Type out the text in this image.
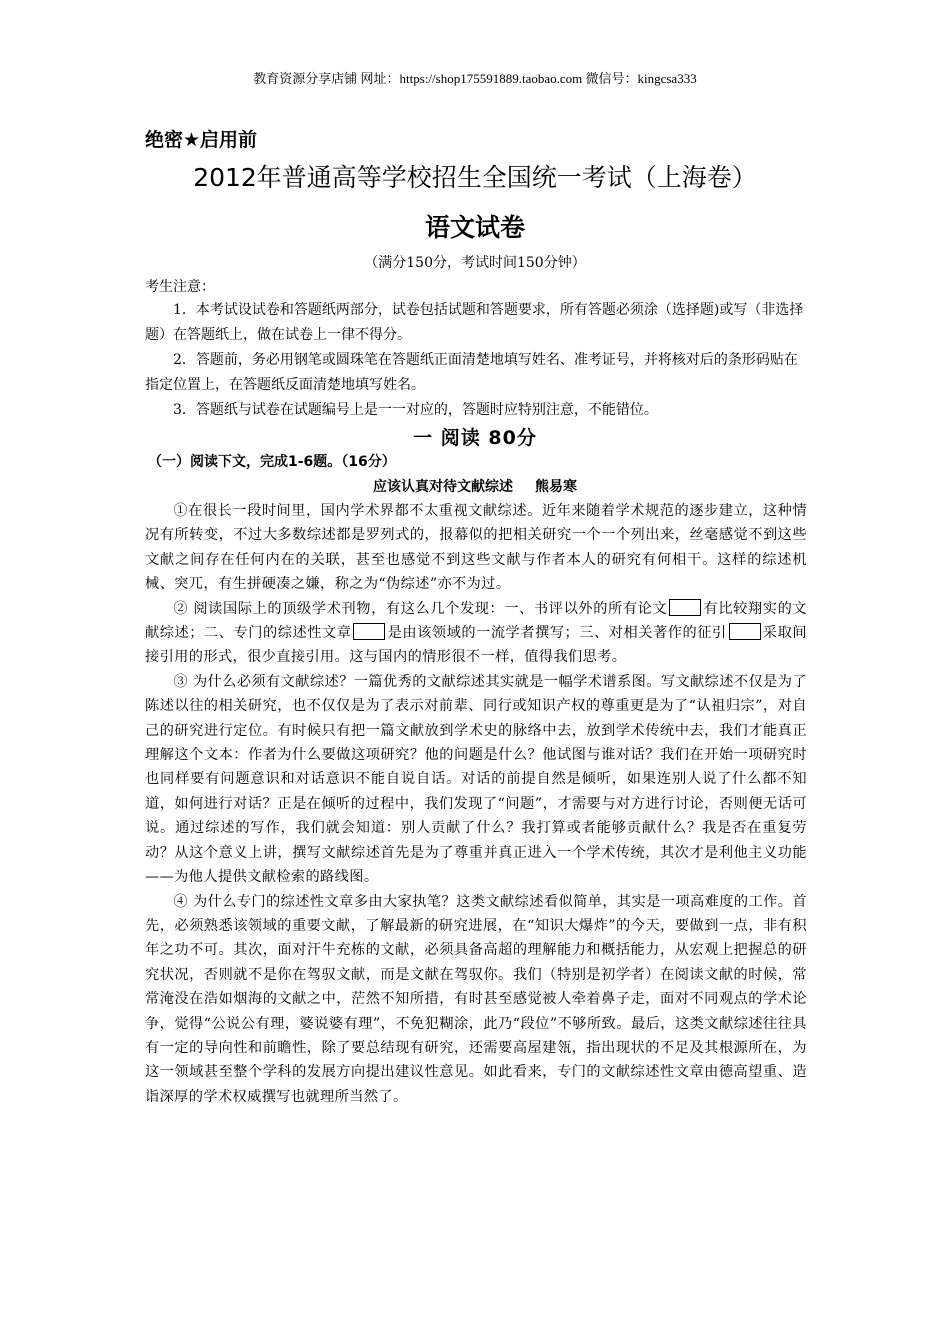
教育资源分享店铺 网址：https://shop175591889.taobao.com 微信号：kingcsa333
绝密★启用前
2012年普通高等学校招生全国统一考试（上海卷）
语文试卷
（满分150分，考试时间150分钟）
考生注意：

1．本考试设试卷和答题纸两部分，试卷包括试题和答题要求，所有答题必须涂（选择题)或写（非选择题）在答题纸上，做在试卷上一律不得分。

2．答题前，务必用钢笔或圆珠笔在答题纸正面清楚地填写姓名、准考证号，并将核对后的条形码贴在指定位置上，在答题纸反面清楚地填写姓名。

3．答题纸与试卷在试题编号上是一一对应的，答题时应特别注意，不能错位。

一 阅读 80分
（一）阅读下文，完成1-6题。（16分）
应该认真对待文献综述 熊易寒

①在很长一段时间里，国内学术界都不太重视文献综述。近年来随着学术规范的逐步建立，这种情况有所转变，不过大多数综述都是罗列式的，报幕似的把相关研究一个一个列出来，丝毫感觉不到这些文献之间存在任何内在的关联，甚至也感觉不到这些文献与作者本人的研究有何相干。这样的综述机械、突兀，有生拼硬凑之嫌，称之为“伪综述”亦不为过。

② 阅读国际上的顶级学术刊物，有这么几个发现：一、书评以外的所有论文	有比较翔实的文献综述；二、专门的综述性文章	是由该领域的一流学者撰写；三、对相关著作的征引	采取间接引用的形式，很少直接引用。这与国内的情形很不一样，值得我们思考。

③ 为什么必须有文献综述？一篇优秀的文献综述其实就是一幅学术谱系图。写文献综述不仅是为了陈述以往的相关研究，也不仅仅是为了表示对前辈、同行或知识产权的尊重更是为了“认祖归宗”，对自己的研究进行定位。有时候只有把一篇文献放到学术史的脉络中去，放到学术传统中去，我们才能真正理解这个文本：作者为什么要做这项研究？他的问题是什么？他试图与谁对话？我们在开始一项研究时也同样要有问题意识和对话意识不能自说自话。对话的前提自然是倾听，如果连别人说了什么都不知道，如何进行对话？正是在倾听的过程中，我们发现了“问题”，才需要与对方进行讨论，否则便无话可说。通过综述的写作，我们就会知道：别人贡献了什么？我打算或者能够贡献什么？我是否在重复劳动？从这个意义上讲，撰写文献综述首先是为了尊重并真正进入一个学术传统，其次才是利他主义功能——为他人提供文献检索的路线图。

④ 为什么专门的综述性文章多由大家执笔？这类文献综述看似简单，其实是一项高难度的工作。首先，必须熟悉该领域的重要文献，了解最新的研究进展，在“知识大爆炸”的今天，要做到一点，非有积年之功不可。其次，面对汗牛充栋的文献，必须具备高超的理解能力和概括能力，从宏观上把握总的研究状况，否则就不是你在驾驭文献，而是文献在驾驭你。我们（特别是初学者）在阅读文献的时候，常常淹没在浩如烟海的文献之中，茫然不知所措，有时甚至感觉被人牵着鼻子走，面对不同观点的学术论争，觉得“公说公有理，婆说婆有理”，不免犯糊涂，此乃“段位”不够所致。最后，这类文献综述往往具有一定的导向性和前瞻性，除了要总结现有研究，还需要高屋建瓴，指出现状的不足及其根源所在，为这一领域甚至整个学科的发展方向提出建议性意见。如此看来，专门的文献综述性文章由德高望重、造诣深厚的学术权威撰写也就理所当然了。
